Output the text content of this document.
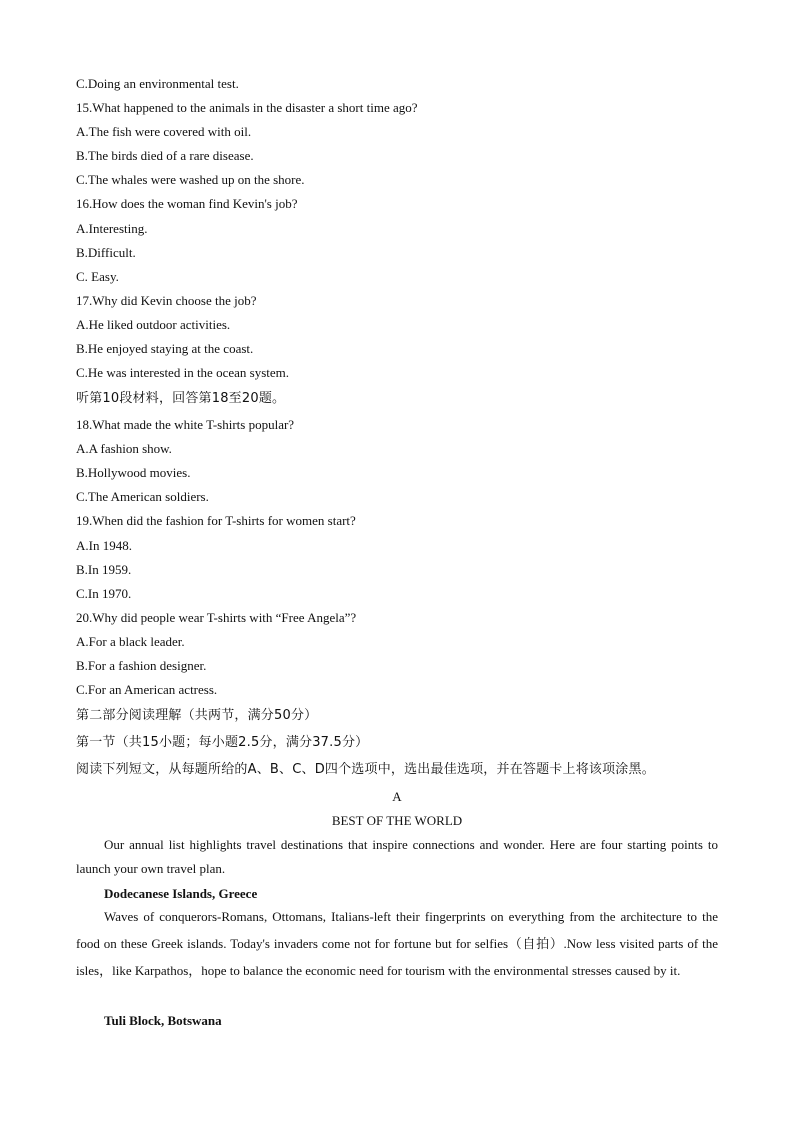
C.Doing an environmental test.
15.What happened to the animals in the disaster a short time ago?
A.The fish were covered with oil.
B.The birds died of a rare disease.
C.The whales were washed up on the shore.
16.How does the woman find Kevin's job?
A.Interesting.
B.Difficult.
C. Easy.
17.Why did Kevin choose the job?
A.He liked outdoor activities.
B.He enjoyed staying at the coast.
C.He was interested in the ocean system.
听第10段材料，回答第18至20题。
18.What made the white T-shirts popular?
A.A fashion show.
B.Hollywood movies.
C.The American soldiers.
19.When did the fashion for T-shirts for women start?
A.In 1948.
B.In 1959.
C.In 1970.
20.Why did people wear T-shirts with “Free Angela”?
A.For a black leader.
B.For a fashion designer.
C.For an American actress.
第二部分阅读理解（共两节，满分50分）
第一节（共15小题；每小题2.5分，满分37.5分）
阅读下列短文，从每题所给的A、B、C、D四个选项中，选出最佳选项，并在答题卡上将该项涂黑。
A
BEST OF THE WORLD
Our annual list highlights travel destinations that inspire connections and wonder. Here are four starting points to launch your own travel plan.
Dodecanese Islands, Greece
Waves of conquerors-Romans, Ottomans, Italians-left their fingerprints on everything from the architecture to the food on these Greek islands. Today's invaders come not for fortune but for selfies（自拍）.Now less visited parts of the isles，like Karpathos，hope to balance the economic need for tourism with the environmental stresses caused by it.
Tuli Block, Botswana
